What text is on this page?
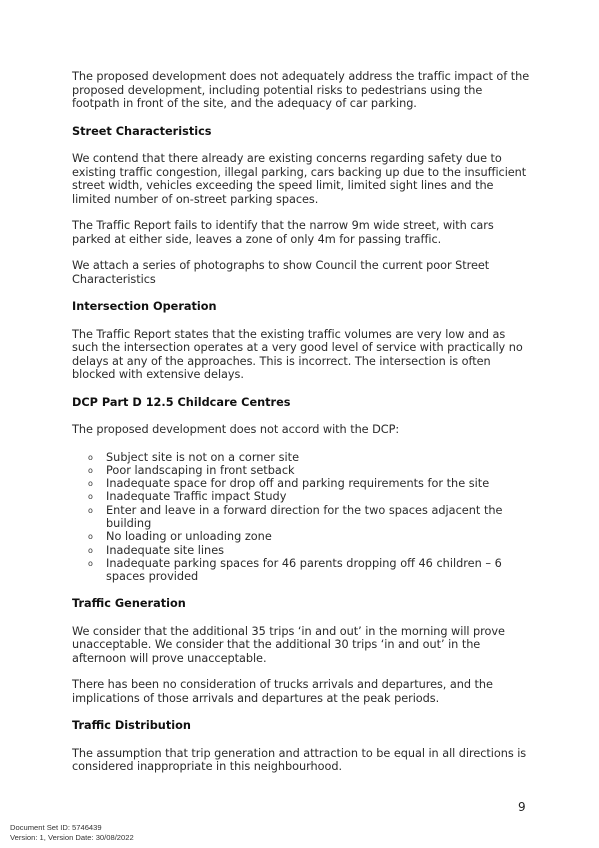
The proposed development does not adequately address the traffic impact of the proposed development, including potential risks to pedestrians using the footpath in front of the site, and the adequacy of car parking.

Street Characteristics

We contend that there already are existing concerns regarding safety due to existing traffic congestion, illegal parking, cars backing up due to the insufficient street width, vehicles exceeding the speed limit, limited sight lines and the limited number of on-street parking spaces.

The Traffic Report fails to identify that the narrow 9m wide street, with cars parked at either side, leaves a zone of only 4m for passing traffic.

We attach a series of photographs to show Council the current poor Street Characteristics

Intersection Operation

The Traffic Report states that the existing traffic volumes are very low and as such the intersection operates at a very good level of service with practically no delays at any of the approaches. This is incorrect. The intersection is often blocked with extensive delays.

DCP Part D 12.5 Childcare Centres

The proposed development does not accord with the DCP:

o Subject site is not on a corner site
o Poor landscaping in front setback
o Inadequate space for drop off and parking requirements for the site
o Inadequate Traffic impact Study
o Enter and leave in a forward direction for the two spaces adjacent the building
o No loading or unloading zone
o Inadequate site lines
o Inadequate parking spaces for 46 parents dropping off 46 children – 6 spaces provided
Traffic Generation

We consider that the additional 35 trips ‘in and out’ in the morning will prove unacceptable. We consider that the additional 30 trips ‘in and out’ in the afternoon will prove unacceptable.

There has been no consideration of trucks arrivals and departures, and the implications of those arrivals and departures at the peak periods.

Traffic Distribution

The assumption that trip generation and attraction to be equal in all directions is considered inappropriate in this neighbourhood.

9
Document Set ID: 5746439
Version: 1, Version Date: 30/08/2022
